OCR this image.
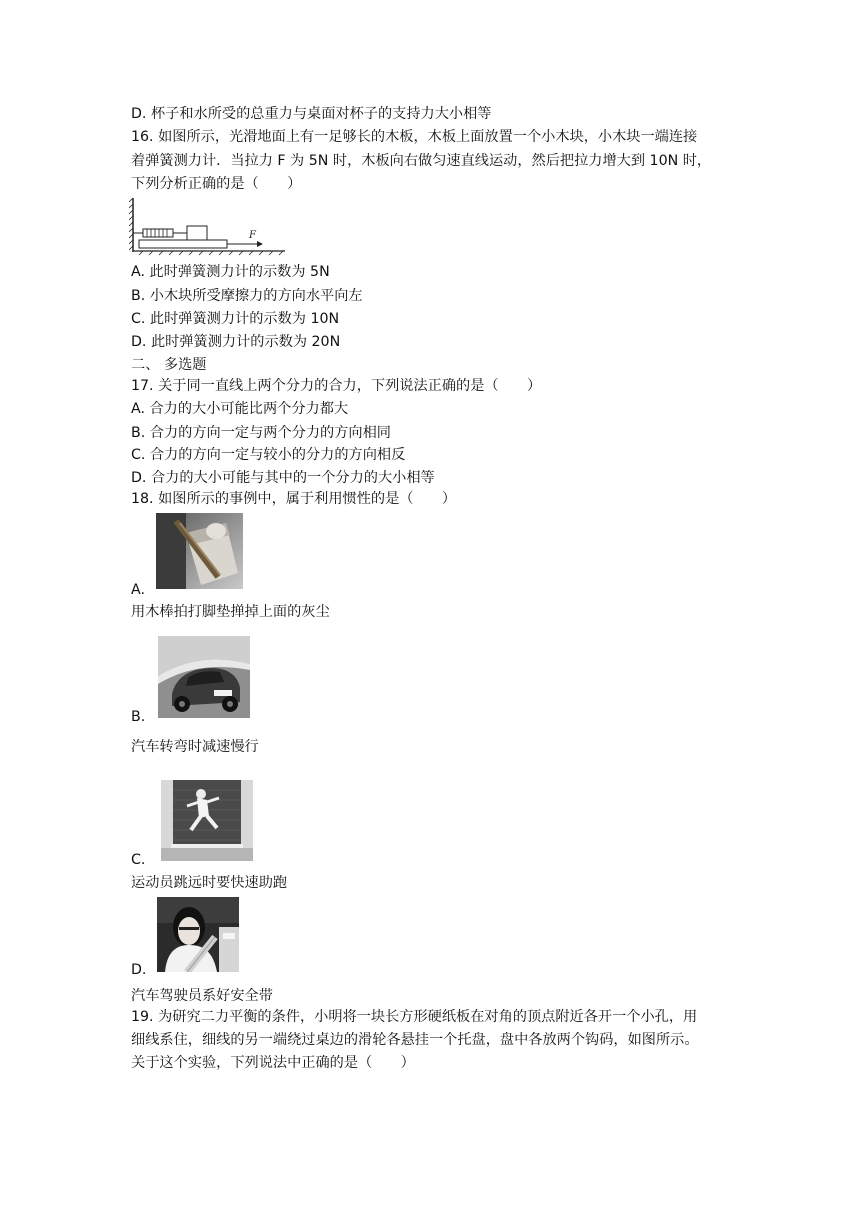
D. 杯子和水所受的总重力与桌面对杯子的支持力大小相等
16. 如图所示，光滑地面上有一足够长的木板，木板上面放置一个小木块，小木块一端连接
着弹簧测力计．当拉力 F 为 5N 时，木板向右做匀速直线运动，然后把拉力增大到 10N 时，
下列分析正确的是（　　）
F
A. 此时弹簧测力计的示数为 5N
B. 小木块所受摩擦力的方向水平向左
C. 此时弹簧测力计的示数为 10N
D. 此时弹簧测力计的示数为 20N
二、 多选题
17. 关于同一直线上两个分力的合力，下列说法正确的是（　　）
A. 合力的大小可能比两个分力都大
B. 合力的方向一定与两个分力的方向相同
C. 合力的方向一定与较小的分力的方向相反
D. 合力的大小可能与其中的一个分力的大小相等
18. 如图所示的事例中，属于利用惯性的是（　　）
A.
用木棒拍打脚垫掸掉上面的灰尘
B.
汽车转弯时减速慢行
C.
运动员跳远时要快速助跑
D.
汽车驾驶员系好安全带
19. 为研究二力平衡的条件，小明将一块长方形硬纸板在对角的顶点附近各开一个小孔，用
细线系住，细线的另一端绕过桌边的滑轮各悬挂一个托盘，盘中各放两个钩码，如图所示。
关于这个实验，下列说法中正确的是（　　）
